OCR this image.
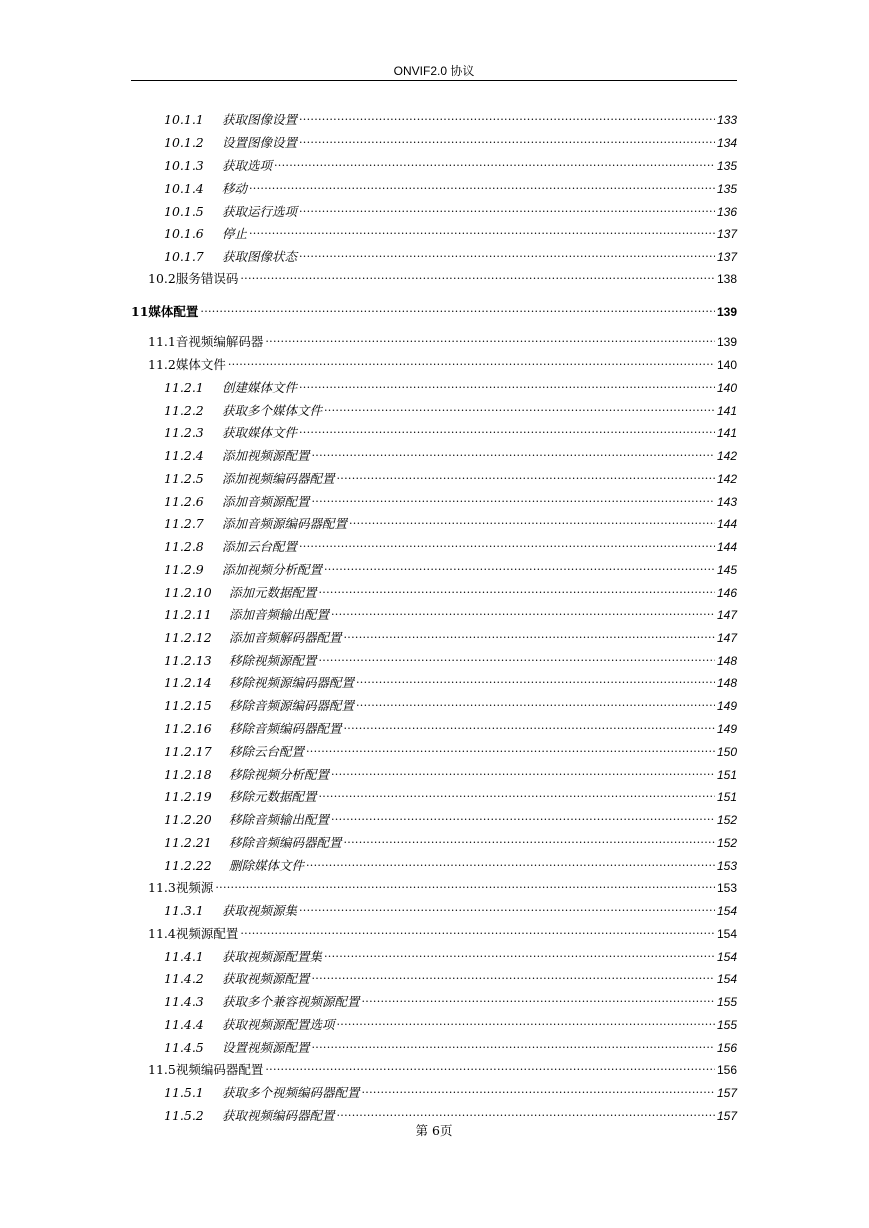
ONVIF2.0 协议
10.1.1	获取图像设置 .....	133
10.1.2	设置图像设置 .....	134
10.1.3	获取选项 .....	135
10.1.4	移动 .....	135
10.1.5	获取运行选项 .....	136
10.1.6	停止 .....	137
10.1.7	获取图像状态 .....	137
10.2 服务错误码 .....	138
11 媒体配置 .....	139
11.1 音视频编解码器 .....	139
11.2 媒体文件 .....	140
11.2.1	创建媒体文件 .....	140
11.2.2	获取多个媒体文件 .....	141
11.2.3	获取媒体文件 .....	141
11.2.4	添加视频源配置 .....	142
11.2.5	添加视频编码器配置 .....	142
11.2.6	添加音频源配置 .....	143
11.2.7	添加音频源编码器配置 .....	144
11.2.8	添加云台配置 .....	144
11.2.9	添加视频分析配置 .....	145
11.2.10	添加元数据配置 .....	146
11.2.11	添加音频输出配置 .....	147
11.2.12	添加音频解码器配置 .....	147
11.2.13	移除视频源配置 .....	148
11.2.14	移除视频源编码器配置 .....	148
11.2.15	移除音频源编码器配置 .....	149
11.2.16	移除音频编码器配置 .....	149
11.2.17	移除云台配置 .....	150
11.2.18	移除视频分析配置 .....	151
11.2.19	移除元数据配置 .....	151
11.2.20	移除音频输出配置 .....	152
11.2.21	移除音频编码器配置 .....	152
11.2.22	删除媒体文件 .....	153
11.3 视频源 .....	153
11.3.1	获取视频源集 .....	154
11.4 视频源配置 .....	154
11.4.1	获取视频源配置集 .....	154
11.4.2	获取视频源配置 .....	154
11.4.3	获取多个兼容视频源配置 .....	155
11.4.4	获取视频源配置选项 .....	155
11.4.5	设置视频源配置 .....	156
11.5 视频编码器配置 .....	156
11.5.1	获取多个视频编码器配置 .....	157
11.5.2	获取视频编码器配置 .....	157
第 6页
